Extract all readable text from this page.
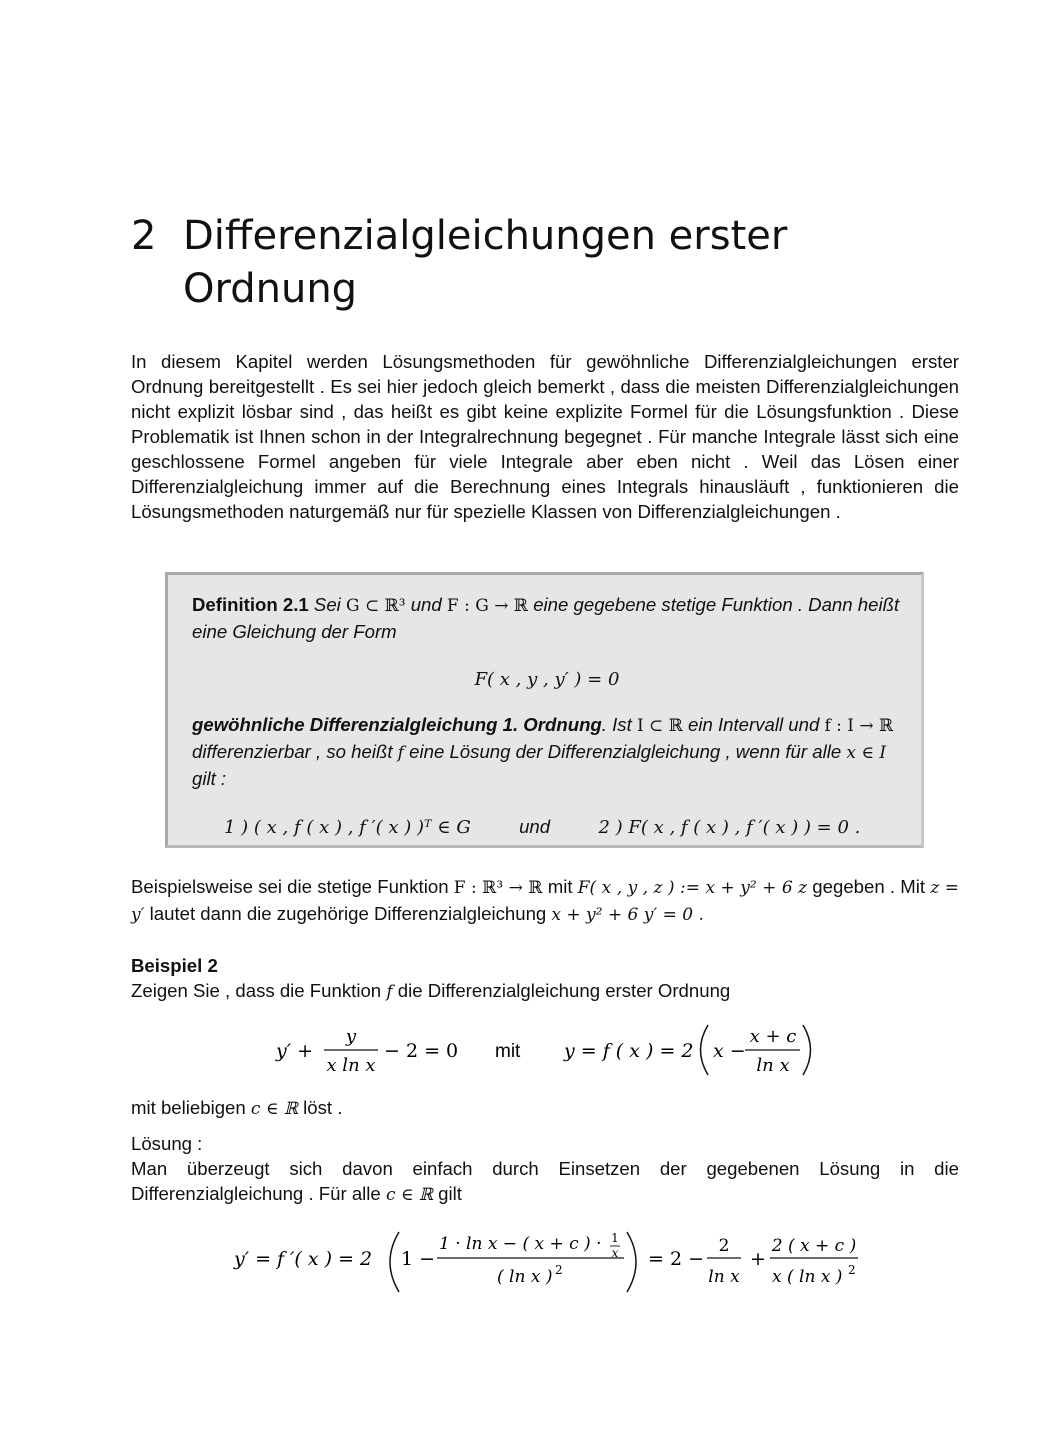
2 Differenzialgleichungen erster
Ordnung

In diesem Kapitel werden Lösungsmethoden für gewöhnliche Differenzialgleichungen erster Ordnung bereitgestellt . Es sei hier jedoch gleich bemerkt , dass die meisten Differenzialgleichungen nicht explizit lösbar sind , das heißt es gibt keine explizite Formel für die Lösungsfunktion . Diese Problematik ist Ihnen schon in der Integralrechnung begegnet . Für manche Integrale lässt sich eine geschlossene Formel angeben für viele Integrale aber eben nicht . Weil das Lösen einer Differenzialgleichung immer auf die Berechnung eines Integrals hinausläuft , funktionieren die Lösungsmethoden naturgemäß nur für spezielle Klassen von Differenzialgleichungen .

Definition 2.1 Sei G ⊂ ℝ³ und F : G → ℝ eine gegebene stetige Funktion . Dann heißt eine Gleichung der Form
F( x , y , y′ ) = 0
gewöhnliche Differenzialgleichung 1. Ordnung. Ist I ⊂ ℝ ein Intervall und f : I → ℝ differenzierbar , so heißt f eine Lösung der Differenzialgleichung , wenn für alle x ∈ I gilt :
1 ) ( x , f ( x ) , f ′( x ) )ᵀ ∈ G	und	2 ) F( x , f ( x ) , f ′( x ) ) = 0 .
Beispielsweise sei die stetige Funktion F : ℝ³ → ℝ mit F( x , y , z ) := x + y² + 6 z gegeben . Mit z = y′ lautet dann die zugehörige Differenzialgleichung x + y² + 6 y′ = 0 .
Beispiel 2
Zeigen Sie , dass die Funktion f die Differenzialgleichung erster Ordnung
y′ +
y
x ln x
− 2 = 0 mit y = f ( x ) = 2 x −
x + c
ln x
mit beliebigen c ∈ ℝ löst .
Lösung :
Man überzeugt sich davon einfach durch Einsetzen der gegebenen Lösung in die Differenzialgleichung . Für alle c ∈ ℝ gilt
y′ = f ′( x ) = 2 1 −
1 · ln x − ( x + c ) · 1
x
( ln x ) 2	= 2 −
2
ln x
+
2 ( x + c )
x ( ln x ) 2
